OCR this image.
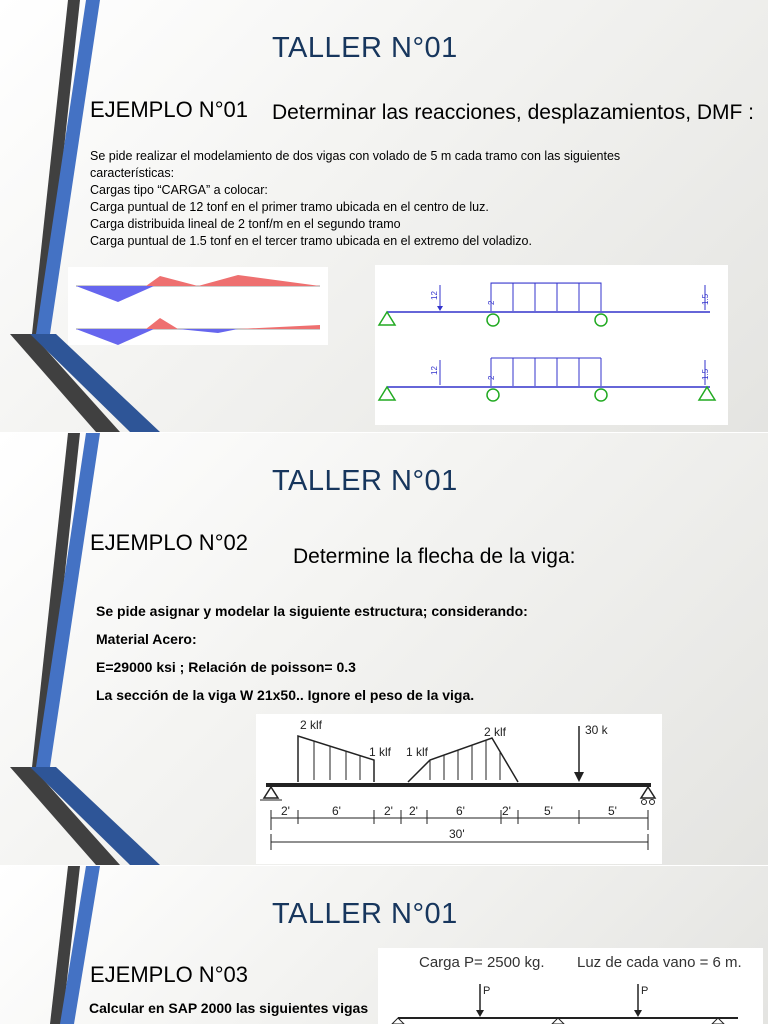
TALLER N°01
EJEMPLO N°01 Determinar las reacciones, desplazamientos, DMF :
Se pide realizar el modelamiento de dos vigas con volado de 5 m cada tramo con las siguientes
características:
Cargas tipo “CARGA” a colocar:
Carga puntual de 12 tonf en el primer tramo ubicada en el centro de luz.
Carga distribuida lineal de 2 tonf/m en el segundo tramo
Carga puntual de 1.5 tonf en el tercer tramo ubicada en el extremo del voladizo.
12
2	1.5
12
2	1.5
TALLER N°01
EJEMPLO N°02
Determine la flecha de la viga:
Se pide asignar y modelar la siguiente estructura; considerando:
Material Acero:
E=29000 ksi ; Relación de poisson= 0.3
La sección de la viga W 21x50.. Ignore el peso de la viga.
2 klf
1 klf 1 klf
2 klf	30 k
2'	6'	2' 2'	6'	2'	5'	5'
30'
TALLER N°01
EJEMPLO N°03
Calcular en SAP 2000 las siguientes vigas
Carga P= 2500 kg. Luz de cada vano = 6 m.
P	P
